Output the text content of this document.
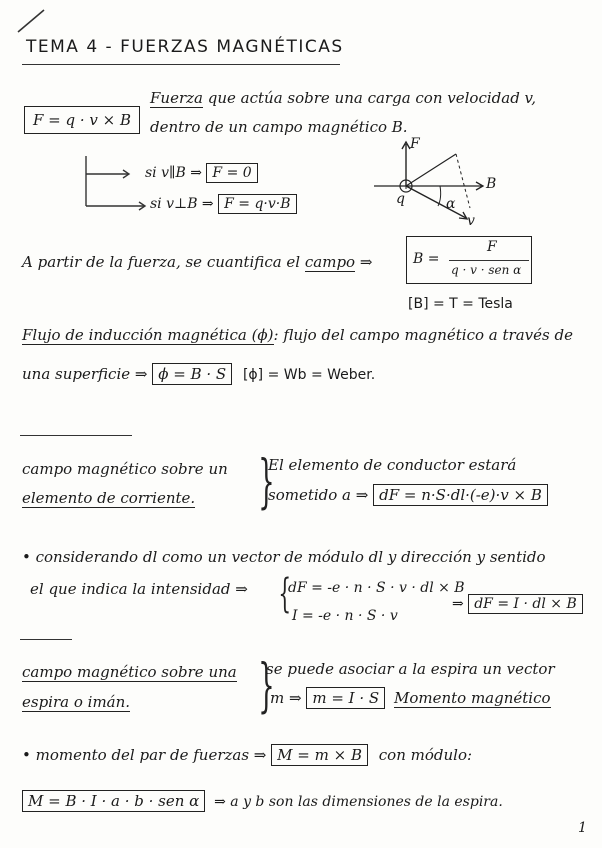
TEMA 4 - FUERZAS MAGNÉTICAS
F = q · v × B
Fuerza que actúa sobre una carga con velocidad v,
dentro de un campo magnético B.
si v∥B ⇒ F = 0
si v⊥B ⇒ F = q·v·B
F
B
v
q	α
A partir de la fuerza, se cuantifica el campo ⇒	B =
F
q · v · sen α
[B] = T = Tesla
Flujo de inducción magnética (ϕ): flujo del campo magnético a través de
una superficie ⇒ ϕ = B · S [ϕ] = Wb = Weber.
campo magnético sobre un
elemento de corriente. }
El elemento de conductor estará
sometido a ⇒ dF = n·S·dl·(-e)·v × B
• considerando dl como un vector de módulo dl y dirección y sentido
el que indica la intensidad ⇒ {
dF = -e · n · S · v · dl × B
I = -e · n · S · v
⇒ dF = I · dl × B
campo magnético sobre una
espira o imán. }
se puede asociar a la espira un vector
m ⇒ m = I · S Momento magnético
• momento del par de fuerzas ⇒ M = m × B con módulo:
M = B · I · a · b · sen α ⇒ a y b son las dimensiones de la espira.
1
